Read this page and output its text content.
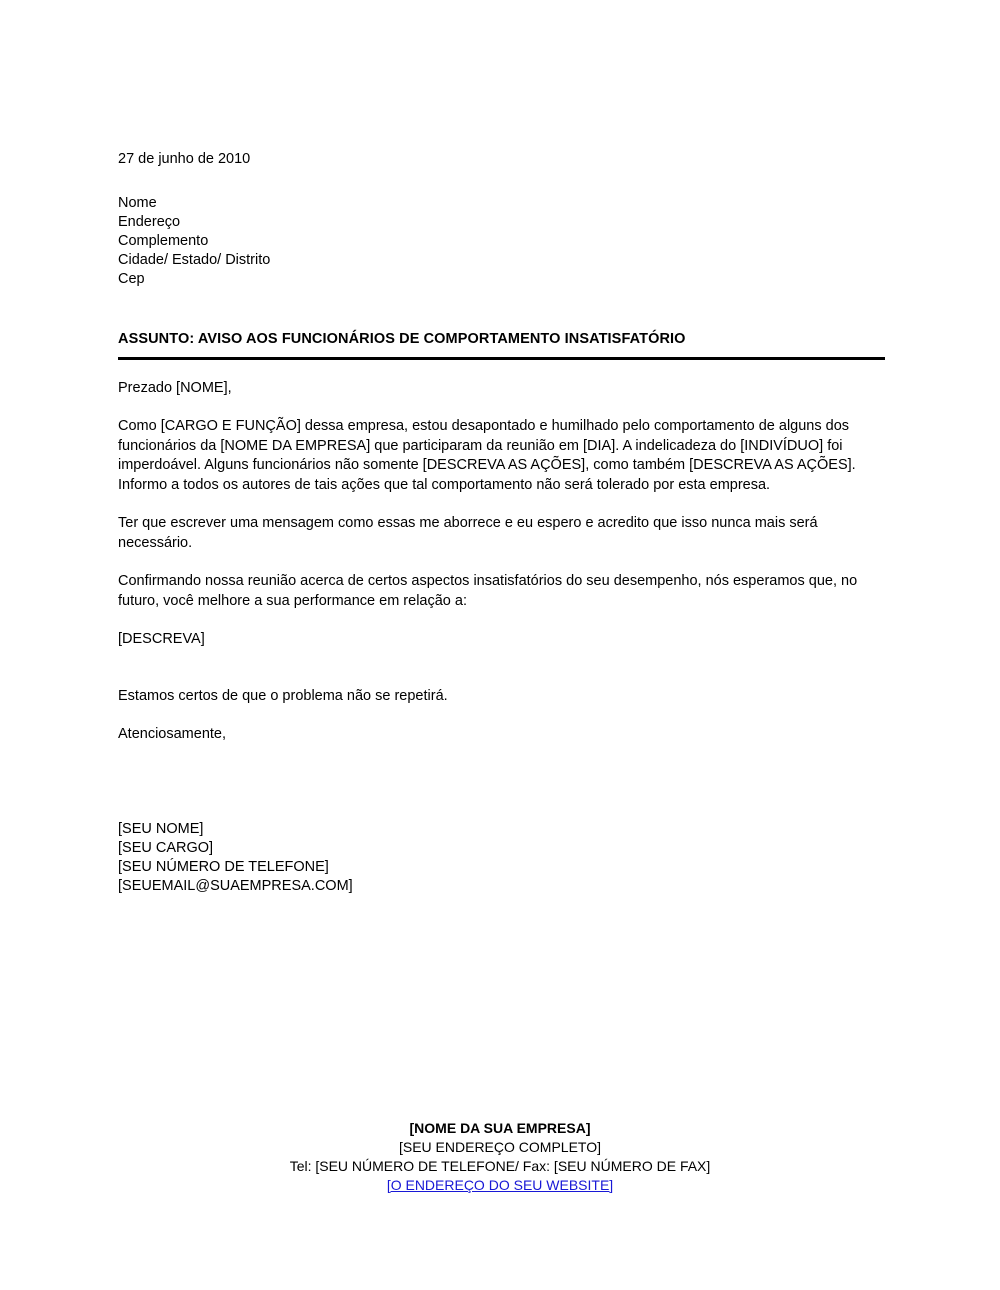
27 de junho de 2010
Nome
Endereço
Complemento
Cidade/ Estado/ Distrito
Cep
ASSUNTO: AVISO AOS FUNCIONÁRIOS DE COMPORTAMENTO INSATISFATÓRIO
Prezado [NOME],
Como [CARGO E FUNÇÃO] dessa empresa, estou desapontado e humilhado pelo comportamento de alguns dos funcionários da [NOME DA EMPRESA] que participaram da reunião em [DIA]. A indelicadeza do [INDIVÍDUO] foi imperdoável. Alguns funcionários não somente [DESCREVA AS AÇÕES], como também [DESCREVA AS AÇÕES]. Informo a todos os autores de tais ações que tal comportamento não será tolerado por esta empresa.
Ter que escrever uma mensagem como essas me aborrece e eu espero e acredito que isso nunca mais será necessário.
Confirmando nossa reunião acerca de certos aspectos insatisfatórios do seu desempenho, nós esperamos que, no futuro, você melhore a sua performance em relação a:
[DESCREVA]
Estamos certos de que o problema não se repetirá.
Atenciosamente,
[SEU NOME]
[SEU CARGO]
[SEU NÚMERO DE TELEFONE]
[SEUEMAIL@SUAEMPRESA.COM]
[NOME DA SUA EMPRESA]
[SEU ENDEREÇO COMPLETO]
Tel: [SEU NÚMERO DE TELEFONE/ Fax: [SEU NÚMERO DE FAX]
[O ENDEREÇO DO SEU WEBSITE]
